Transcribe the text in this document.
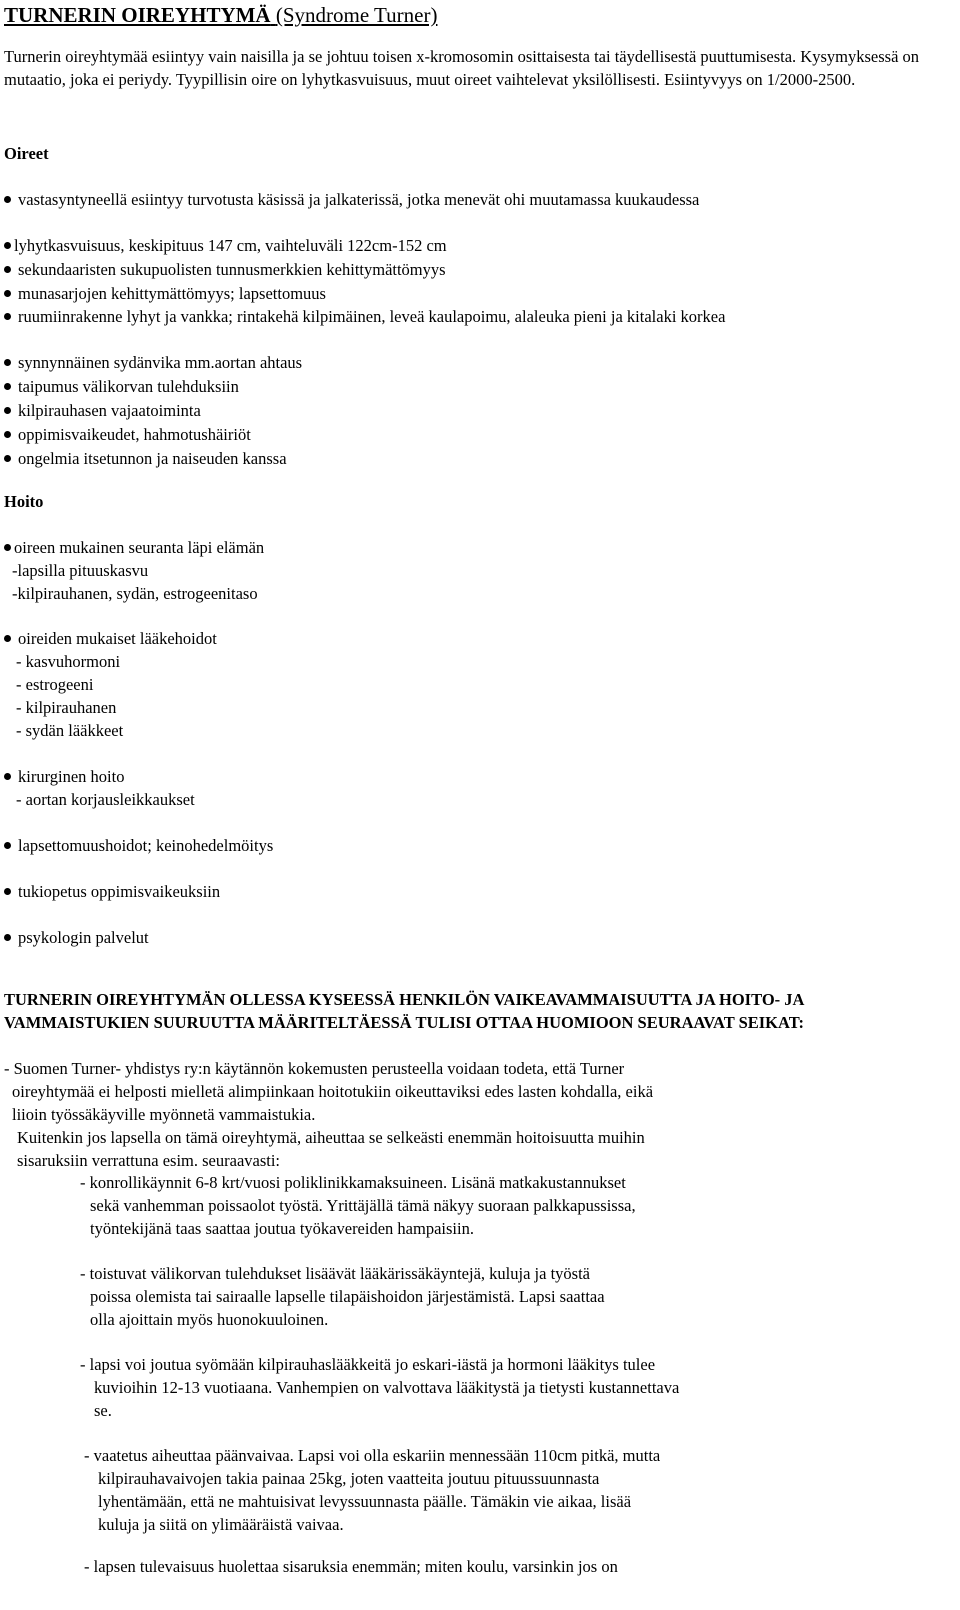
TURNERIN OIREYHTYMÄ (Syndrome Turner)
Turnerin oireyhtymää esiintyy vain naisilla ja se johtuu toisen x-kromosomin osittaisesta tai täydellisestä puuttumisesta. Kysymyksessä on mutaatio, joka ei periydy. Tyypillisin oire on lyhytkasvuisuus, muut oireet vaihtelevat yksilöllisesti. Esiintyvyys on 1/2000-2500.
Oireet
vastasyntyneellä esiintyy turvotusta käsissä ja jalkaterissä, jotka menevät ohi muutamassa kuukaudessa
lyhytkasvuisuus, keskipituus 147 cm, vaihteluväli 122cm-152 cm
sekundaaristen sukupuolisten tunnusmerkkien kehittymättömyys
munasarjojen kehittymättömyys; lapsettomuus
ruumiinrakenne lyhyt ja vankka; rintakehä kilpimäinen, leveä kaulapoimu, alaleuka pieni ja kitalaki korkea
synnynnäinen sydänvika mm.aortan ahtaus
taipumus välikorvan tulehduksiin
kilpirauhasen vajaatoiminta
oppimisvaikeudet, hahmotushäiriöt
ongelmia itsetunnon ja naiseuden kanssa
Hoito
oireen mukainen seuranta läpi elämän
-lapsilla pituuskasvu
-kilpirauhanen, sydän, estrogeenitaso
oireiden mukaiset lääkehoidot
- kasvuhormoni
- estrogeeni
- kilpirauhanen
- sydän lääkkeet
kirurginen hoito
- aortan korjausleikkaukset
lapsettomuushoidot; keinohedelmöitys
tukiopetus oppimisvaikeuksiin
psykologin palvelut
TURNERIN OIREYHTYMÄN OLLESSA KYSEESSÄ HENKILÖN VAIKEAVAMMAISUUTTA JA HOITO- JA VAMMAISTUKIEN SUURUUTTA MÄÄRITELTÄESSÄ TULISI OTTAA HUOMIOON SEURAAVAT SEIKAT:
- Suomen Turner- yhdistys ry:n käytännön kokemusten perusteella voidaan todeta, että Turner
oireyhtymää ei helposti mielletä alimpiinkaan hoitotukiin oikeuttaviksi edes lasten kohdalla, eikä
liioin työssäkäyville myönnetä vammaistukia.
Kuitenkin jos lapsella on tämä oireyhtymä, aiheuttaa se selkeästi enemmän hoitoisuutta muihin
sisaruksiin verrattuna esim. seuraavasti:
- konrollikäynnit 6-8 krt/vuosi poliklinikkamaksuineen. Lisänä matkakustannukset
sekä vanhemman poissaolot työstä. Yrittäjällä tämä näkyy suoraan palkkapussissa,
työntekijänä taas saattaa joutua työkavereiden hampaisiin.
- toistuvat välikorvan tulehdukset lisäävät lääkärissäkäyntejä, kuluja ja työstä
poissa olemista tai sairaalle lapselle tilapäishoidon järjestämistä. Lapsi saattaa
olla ajoittain myös huonokuuloinen.
- lapsi voi joutua syömään kilpirauhaslääkkeitä jo eskari-iästä ja hormoni lääkitys tulee
kuvioihin 12-13 vuotiaana. Vanhempien on valvottava lääkitystä ja tietysti kustannettava
se.
- vaatetus aiheuttaa päänvaivaa. Lapsi voi olla eskariin mennessään 110cm pitkä, mutta
kilpirauhavaivojen takia painaa 25kg, joten vaatteita joutuu pituussuunnasta
lyhentämään, että ne mahtuisivat levyssuunnasta päälle. Tämäkin vie aikaa, lisää
kuluja ja siitä on ylimääräistä vaivaa.
- lapsen tulevaisuus huolettaa sisaruksia enemmän; miten koulu, varsinkin jos on
